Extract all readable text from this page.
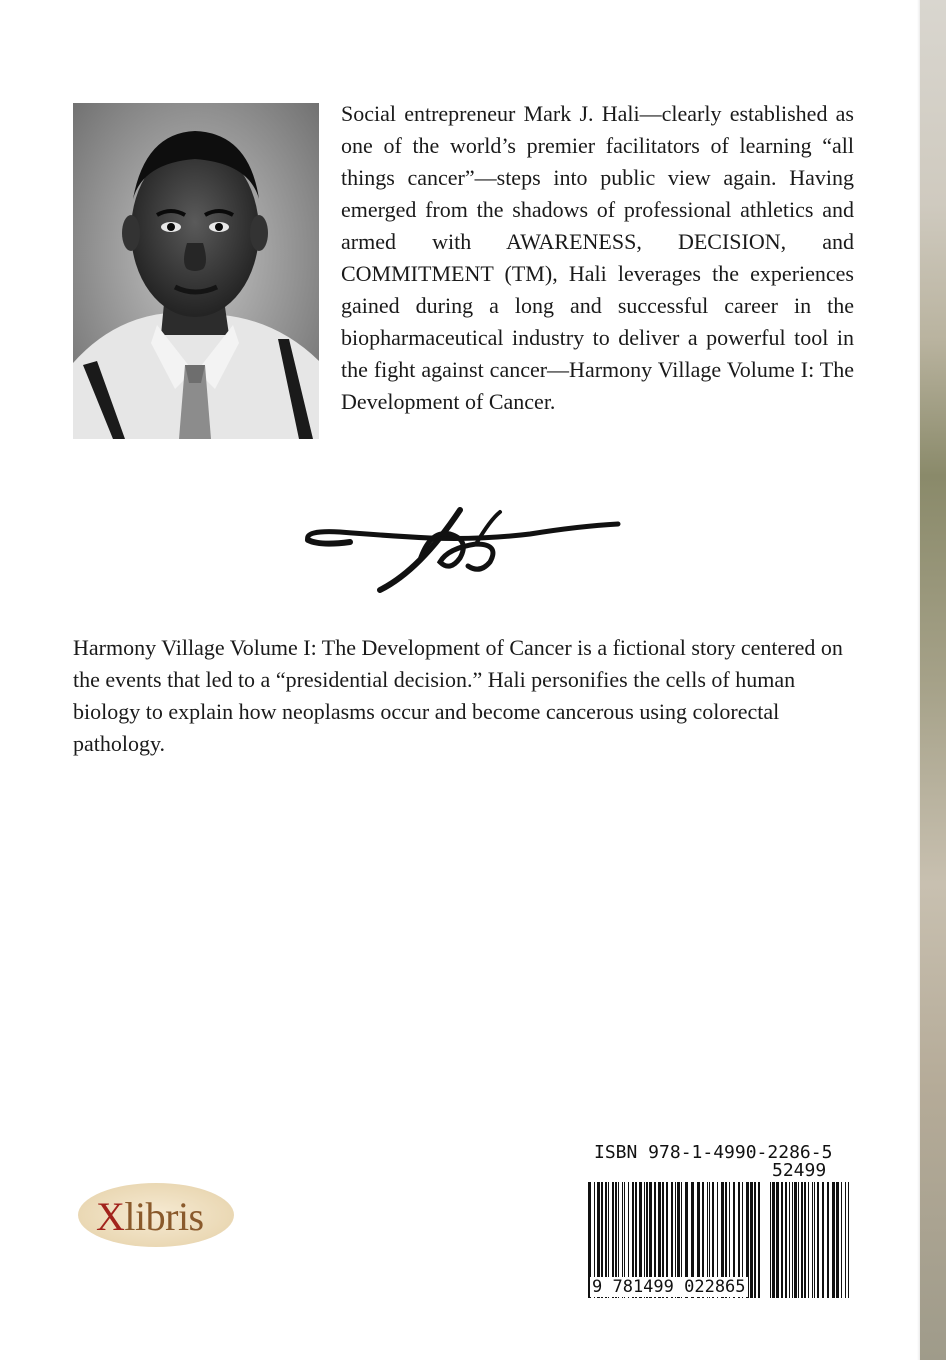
Social entrepreneur Mark J. Hali—clearly established as one of the world’s premier facilitators of learning “all things cancer”—steps into public view again. Having emerged from the shadows of professional athletics and armed with AWARENESS, DECISION, and COMMITMENT (TM), Hali leverages the experiences gained during a long and successful career in the biopharmaceutical industry to deliver a powerful tool in the fight against cancer—Harmony Village Volume I: The Development of Cancer.

Harmony Village Volume I: The Development of Cancer is a fictional story centered on the events that led to a “presidential decision.” Hali personifies the cells of human biology to explain how neoplasms occur and become cancerous using colorectal pathology.

Xlibris
ISBN 978-1-4990-2286-5
52499
9 781499 022865
